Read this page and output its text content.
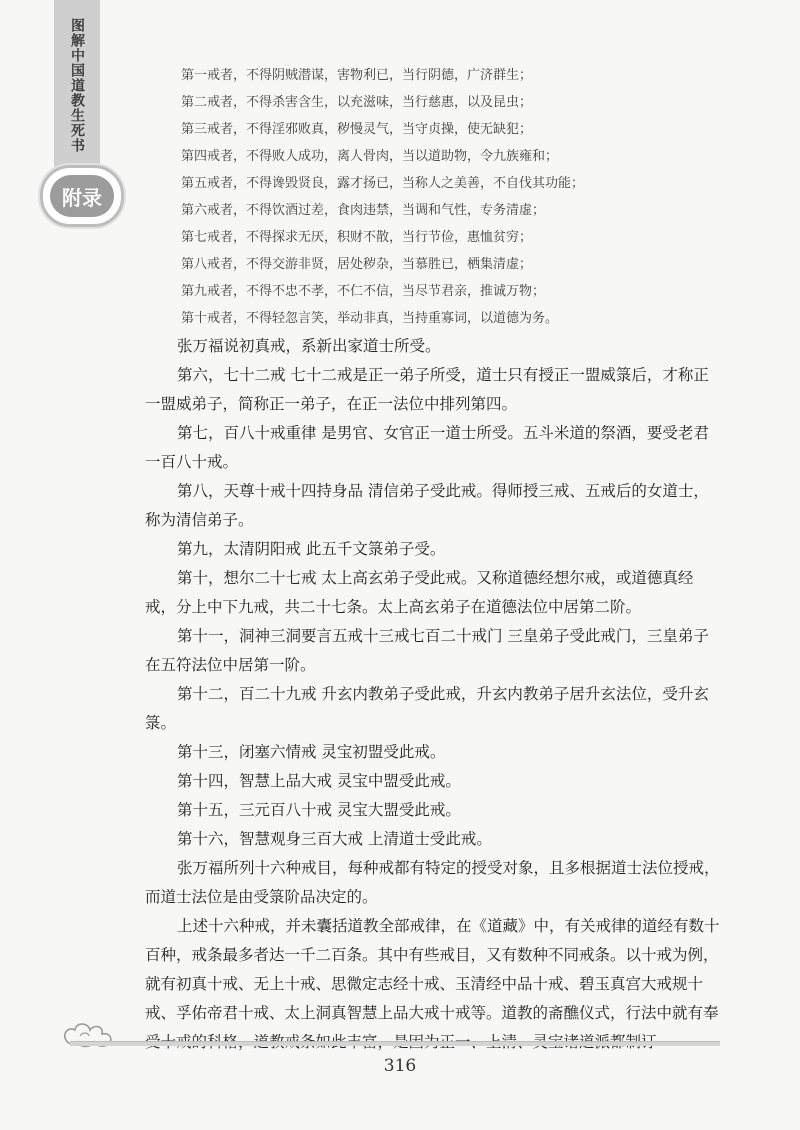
图解中国道教生死书
附录
第一戒者，不得阴贼潜谋，害物利已，当行阴德，广济群生；
第二戒者，不得杀害含生，以充滋味，当行慈惠，以及昆虫；
第三戒者，不得淫邪败真，秽慢灵气，当守贞操，使无缺犯；
第四戒者，不得败人成功，离人骨肉，当以道助物，令九族雍和；
第五戒者，不得谗毁贤良，露才扬已，当称人之美善，不自伐其功能；
第六戒者，不得饮酒过差，食肉违禁，当调和气性，专务清虚；
第七戒者，不得探求无厌，积财不散，当行节俭，惠恤贫穷；
第八戒者，不得交游非贤，居处秽杂，当慕胜已，栖集清虚；
第九戒者，不得不忠不孝，不仁不信，当尽节君亲，推诚万物；
第十戒者，不得轻忽言笑，举动非真，当持重寡词，以道德为务。

张万福说初真戒，系新出家道士所受。

第六，七十二戒 七十二戒是正一弟子所受，道士只有授正一盟威箓后，才称正一盟威弟子，简称正一弟子，在正一法位中排列第四。

第七，百八十戒重律 是男官、女官正一道士所受。五斗米道的祭酒，要受老君一百八十戒。

第八，天尊十戒十四持身品 清信弟子受此戒。得师授三戒、五戒后的女道士，称为清信弟子。

第九，太清阴阳戒 此五千文箓弟子受。

第十，想尔二十七戒 太上高玄弟子受此戒。又称道德经想尔戒，或道德真经戒，分上中下九戒，共二十七条。太上高玄弟子在道德法位中居第二阶。

第十一，洞神三洞要言五戒十三戒七百二十戒门 三皇弟子受此戒门，三皇弟子在五符法位中居第一阶。

第十二，百二十九戒 升玄内教弟子受此戒，升玄内教弟子居升玄法位，受升玄箓。

第十三，闭塞六情戒 灵宝初盟受此戒。

第十四，智慧上品大戒 灵宝中盟受此戒。

第十五，三元百八十戒 灵宝大盟受此戒。

第十六，智慧观身三百大戒 上清道士受此戒。

张万福所列十六种戒目，每种戒都有特定的授受对象，且多根据道士法位授戒，而道士法位是由受箓阶品决定的。

上述十六种戒，并未囊括道教全部戒律，在《道藏》中，有关戒律的道经有数十百种，戒条最多者达一千二百条。其中有些戒目，又有数种不同戒条。以十戒为例，就有初真十戒、无上十戒、思微定志经十戒、玉清经中品十戒、碧玉真宫大戒规十戒、孚佑帝君十戒、太上洞真智慧上品大戒十戒等。道教的斋醮仪式，行法中就有奉

316
